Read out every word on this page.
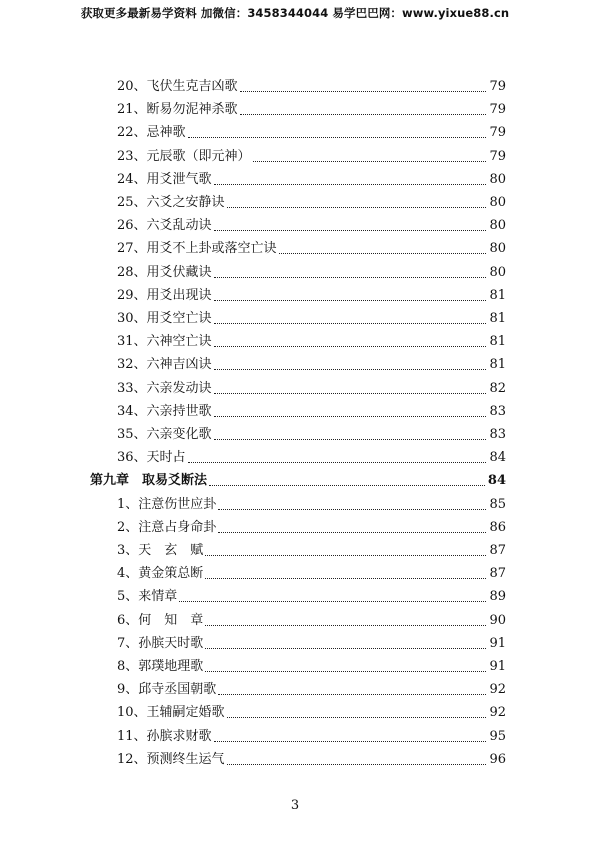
获取更多最新易学资料 加微信：3458344044 易学巴巴网：www.yixue88.cn
20、 飞伏生克吉凶歌	79
21、 断易勿泥神杀歌	79
22、 忌神歌	79
23、 元辰歌（即元神）	79
24、 用爻泄气歌	80
25、 六爻之安静诀	80
26、 六爻乱动诀	80
27、 用爻不上卦或落空亡诀	80
28、 用爻伏藏诀	80
29、 用爻出现诀	81
30、 用爻空亡诀	81
31、 六神空亡诀	81
32、 六神吉凶诀	81
33、 六亲发动诀	82
34、 六亲持世歌	83
35、 六亲变化歌	83
36、 天时占	84
第九章　取易爻断法	84
1、 注意伤世应卦	85
2、 注意占身命卦	86
3、 天　玄　赋	87
4、 黄金策总断	87
5、 来情章	89
6、 何　知　章	90
7、 孙膑天时歌	91
8、 郭璞地理歌	91
9、 邱寺丞国朝歌	92
10、 王辅嗣定婚歌	92
11、 孙膑求财歌	95
12、 预测终生运气	96
3
